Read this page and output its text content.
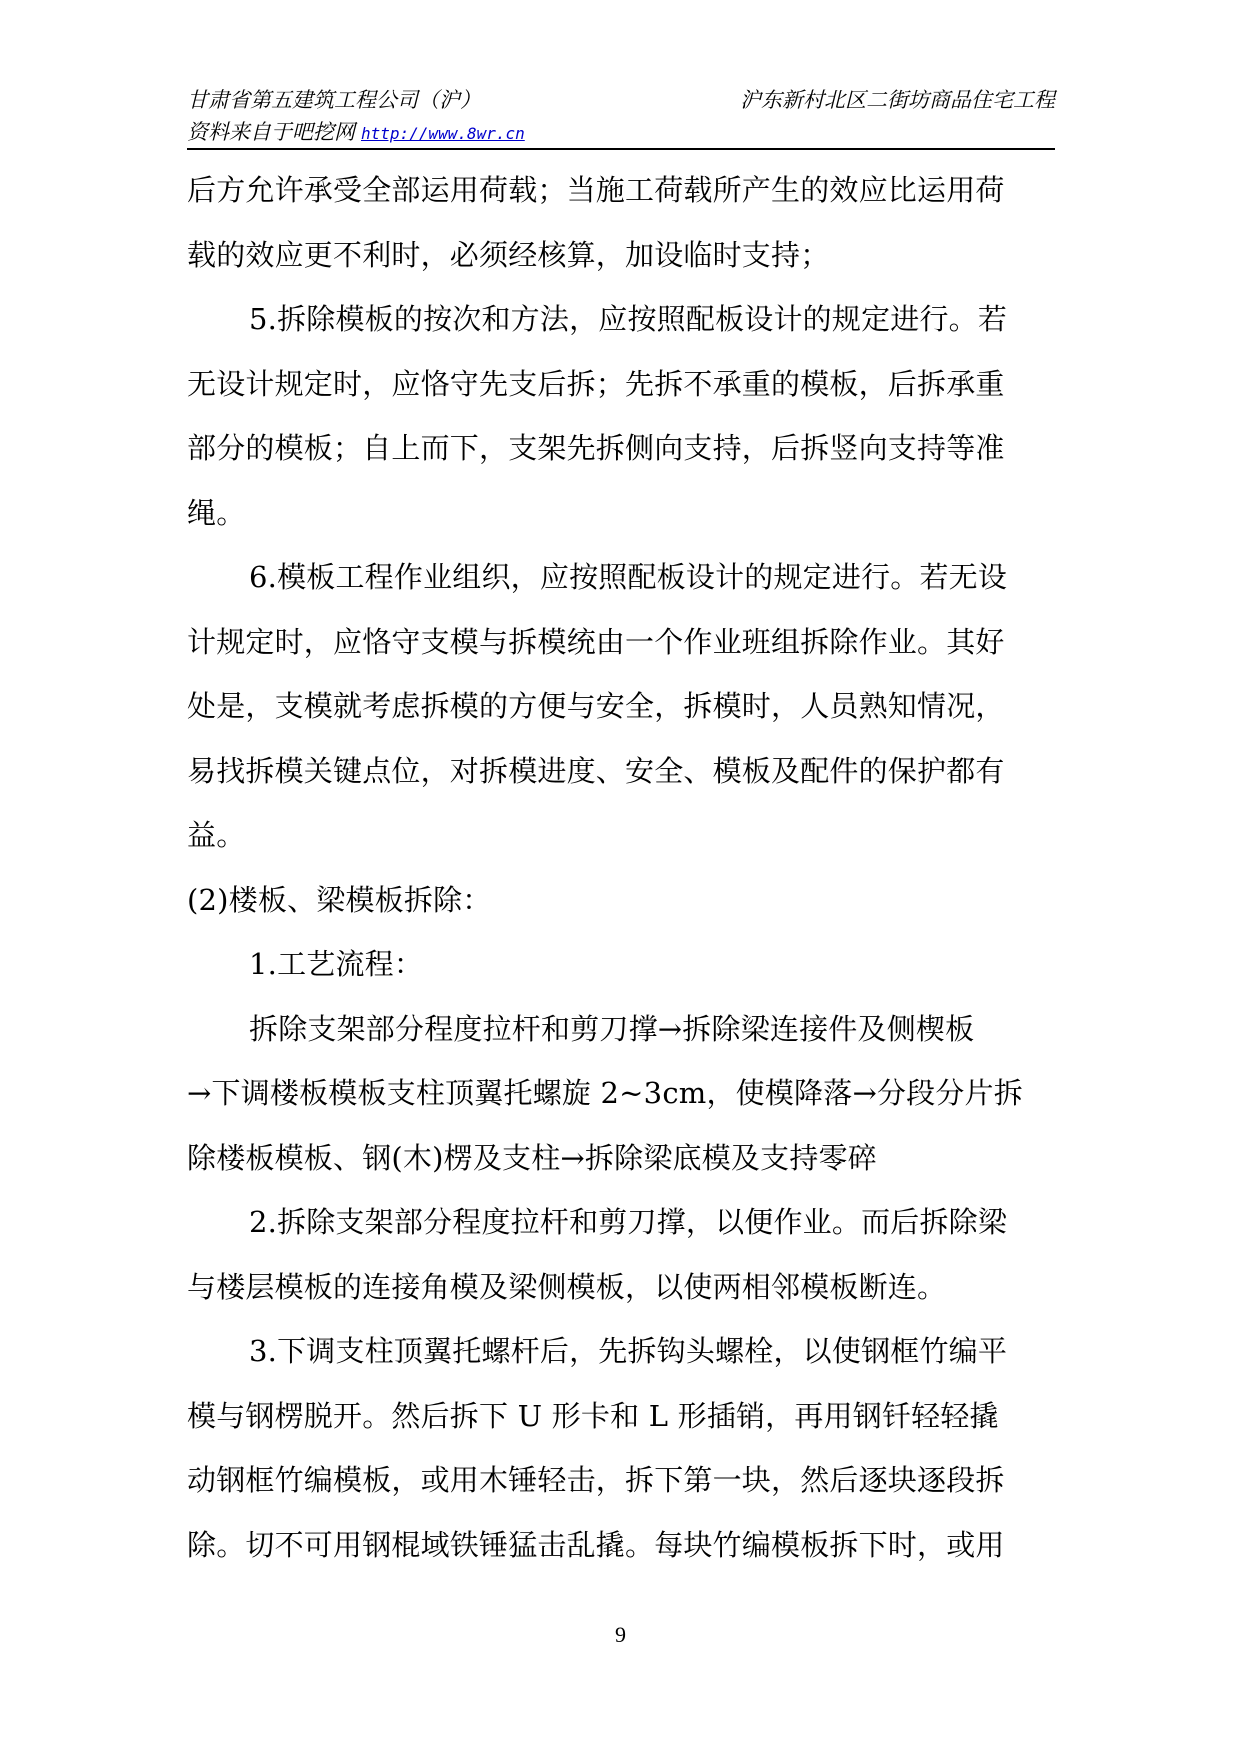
甘肃省第五建筑工程公司（沪）	沪东新村北区二街坊商品住宅工程
资料来自于吧挖网 http://www.8wr.cn
后方允许承受全部运用荷载；当施工荷载所产生的效应比运用荷
载的效应更不利时，必须经核算，加设临时支持；
5.拆除模板的按次和方法，应按照配板设计的规定进行。若
无设计规定时，应恪守先支后拆；先拆不承重的模板，后拆承重
部分的模板；自上而下，支架先拆侧向支持，后拆竖向支持等准
绳。
6.模板工程作业组织，应按照配板设计的规定进行。若无设
计规定时，应恪守支模与拆模统由一个作业班组拆除作业。其好
处是，支模就考虑拆模的方便与安全，拆模时，人员熟知情况，
易找拆模关键点位，对拆模进度、安全、模板及配件的保护都有
益。
(2)楼板、梁模板拆除：
1.工艺流程：
拆除支架部分程度拉杆和剪刀撑→拆除梁连接件及侧楔板
→下调楼板模板支柱顶翼托螺旋 2~3cm，使模降落→分段分片拆
除楼板模板、钢(木)楞及支柱→拆除梁底模及支持零碎
2.拆除支架部分程度拉杆和剪刀撑，以便作业。而后拆除梁
与楼层模板的连接角模及梁侧模板，以使两相邻模板断连。
3.下调支柱顶翼托螺杆后，先拆钩头螺栓，以使钢框竹编平
模与钢楞脱开。然后拆下 U 形卡和 L 形插销，再用钢钎轻轻撬
动钢框竹编模板，或用木锤轻击，拆下第一块，然后逐块逐段拆
除。切不可用钢棍域铁锤猛击乱撬。每块竹编模板拆下时，或用
9
